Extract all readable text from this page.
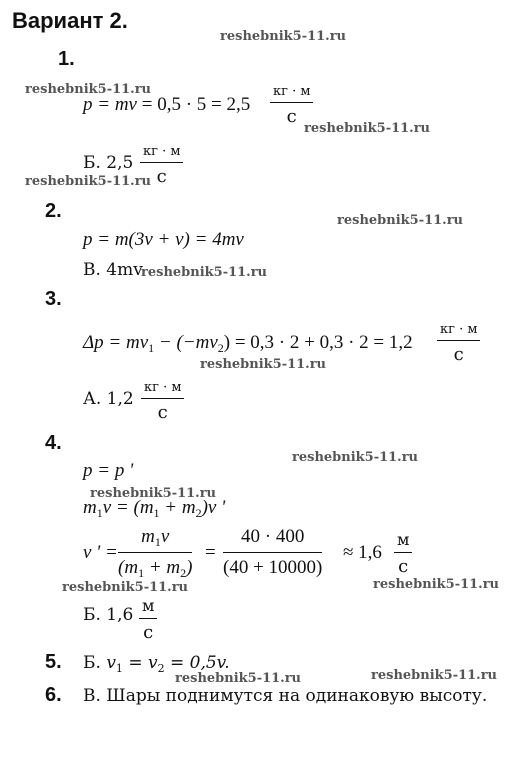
Вариант 2.
reshebnik5-11.ru
reshebnik5-11.ru
reshebnik5-11.ru
reshebnik5-11.ru
reshebnik5-11.ru
reshebnik5-11.ru
reshebnik5-11.ru
reshebnik5-11.ru
reshebnik5-11.ru
reshebnik5-11.ru	reshebnik5-11.ru
reshebnik5-11.ru	reshebnik5-11.ru
1.
p = mv = 0,5 · 5 = 2,5
кг · м
с
Б. 2,5
кг · м
с
2.
p = m(3v + v) = 4mv
В. 4mv
3.
$\Delta p = mv_1 - (-mv_2) = 0,3 \cdot 2 + 0,3 \cdot 2 = 1,2$
кг · м
с
А. 1,2
кг · м
с
4.
p = p '
$m_1v = (m_1 + m_2)v$ '
v ' =
$m_1v$
$(m_1 + m_2)$
=
40 · 400
(40 + 10000)
≈ 1,6
м
с
Б. 1,6 м
с
5. Б. $v_1 = v_2 = 0,5v$.
6. В. Шары поднимутся на одинаковую высоту.
